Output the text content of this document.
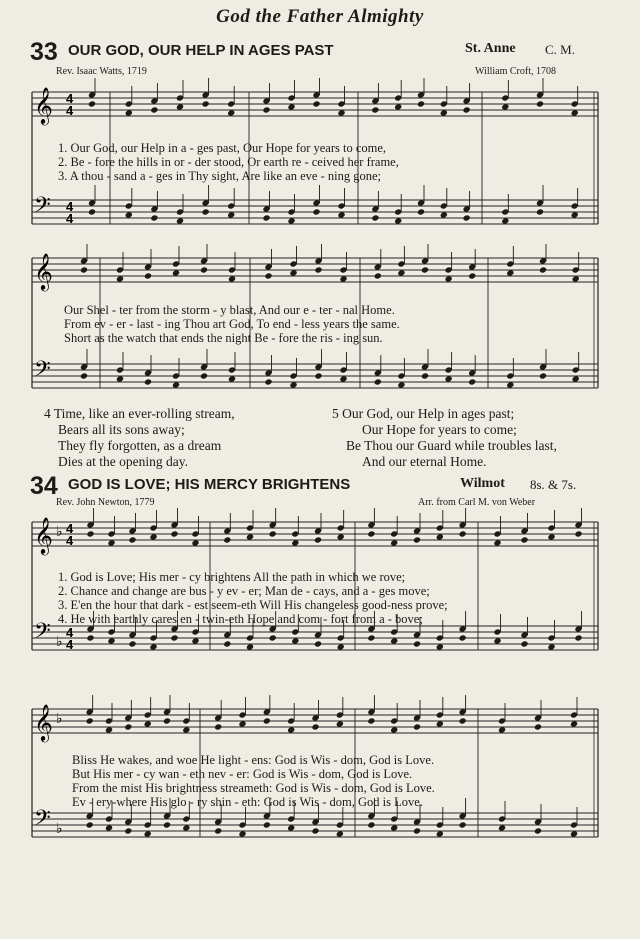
God the Father Almighty
33 OUR GOD, OUR HELP IN AGES PAST	St. Anne C. M.
Rev. Isaac Watts, 1719	William Croft, 1708
𝄞
𝄢
4
4
4
4
1. Our God, our Help in a - ges past, Our Hope for years to come,
2. Be - fore the hills in or - der stood, Or earth re - ceived her frame,
3. A thou - sand a - ges in Thy sight, Are like an eve - ning gone;
𝄞
𝄢
Our Shel - ter from the storm - y blast, And our e - ter - nal Home.
From ev - er - last - ing Thou art God, To end - less years the same.
Short as the watch that ends the night Be - fore the ris - ing sun.
4 Time, like an ever-rolling stream,
Bears all its sons away;
They fly forgotten, as a dream
Dies at the opening day.
5 Our God, our Help in ages past;
Our Hope for years to come;
Be Thou our Guard while troubles last,
And our eternal Home.
34 GOD IS LOVE; HIS MERCY BRIGHTENS	Wilmot 8s. & 7s.
Rev. John Newton, 1779	Arr. from Carl M. von Weber
𝄞
𝄢
♭
♭
4
4
4
4
1. God is Love; His mer - cy brightens All the path in which we rove;
2. Chance and change are bus - y ev - er; Man de - cays, and a - ges move;
3. E'en the hour that dark - est seem-eth Will His changeless good-ness prove;
4. He with earthly cares en - twin-eth Hope and com - fort from a - bove;
𝄞
𝄢
♭
♭
Bliss He wakes, and woe He light - ens: God is Wis - dom, God is Love.
But His mer - cy wan - eth nev - er: God is Wis - dom, God is Love.
From the mist His brightness streameth: God is Wis - dom, God is Love.
Ev - ery-where His glo - ry shin - eth: God is Wis - dom, God is Love.
